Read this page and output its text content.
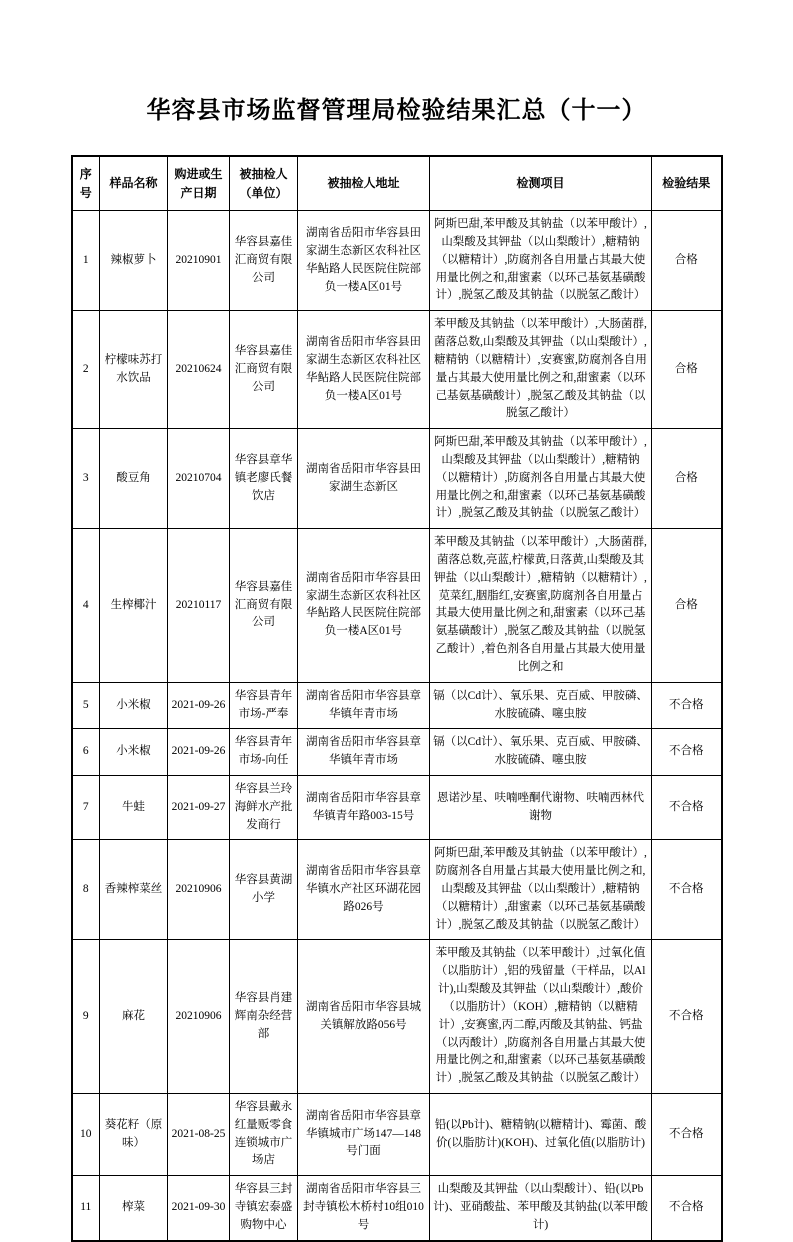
华容县市场监督管理局检验结果汇总（十一）
序号	样品名称	购进或生产日期	被抽检人（单位）	被抽检人地址	检测项目	检验结果
1	辣椒萝卜	20210901	华容县嘉佳汇商贸有限公司	湖南省岳阳市华容县田家湖生态新区农科社区华鲇路人民医院住院部负一楼A区01号	阿斯巴甜,苯甲酸及其钠盐（以苯甲酸计）,山梨酸及其钾盐（以山梨酸计）,糖精钠（以糖精计）,防腐剂各自用量占其最大使用量比例之和,甜蜜素（以环己基氨基磺酸计）,脱氢乙酸及其钠盐（以脱氢乙酸计）	合格
2	柠檬味苏打水饮品	20210624	华容县嘉佳汇商贸有限公司	湖南省岳阳市华容县田家湖生态新区农科社区华鲇路人民医院住院部负一楼A区01号	苯甲酸及其钠盐（以苯甲酸计）,大肠菌群,菌落总数,山梨酸及其钾盐（以山梨酸计）,糖精钠（以糖精计）,安赛蜜,防腐剂各自用量占其最大使用量比例之和,甜蜜素（以环己基氨基磺酸计）,脱氢乙酸及其钠盐（以脱氢乙酸计）	合格
3	酸豆角	20210704	华容县章华镇老廖氏餐饮店	湖南省岳阳市华容县田家湖生态新区	阿斯巴甜,苯甲酸及其钠盐（以苯甲酸计）,山梨酸及其钾盐（以山梨酸计）,糖精钠（以糖精计）,防腐剂各自用量占其最大使用量比例之和,甜蜜素（以环己基氨基磺酸计）,脱氢乙酸及其钠盐（以脱氢乙酸计）	合格
4	生榨椰汁	20210117	华容县嘉佳汇商贸有限公司	湖南省岳阳市华容县田家湖生态新区农科社区华鲇路人民医院住院部负一楼A区01号	苯甲酸及其钠盐（以苯甲酸计）,大肠菌群,菌落总数,亮蓝,柠檬黄,日落黄,山梨酸及其钾盐（以山梨酸计）,糖精钠（以糖精计）,苋菜红,胭脂红,安赛蜜,防腐剂各自用量占其最大使用量比例之和,甜蜜素（以环己基氨基磺酸计）,脱氢乙酸及其钠盐（以脱氢乙酸计）,着色剂各自用量占其最大使用量比例之和	合格
5	小米椒	2021-09-26	华容县青年市场-严奉	湖南省岳阳市华容县章华镇年青市场	镉（以Cd计）、氧乐果、克百威、甲胺磷、水胺硫磷、噻虫胺	不合格
6	小米椒	2021-09-26	华容县青年市场-向任	湖南省岳阳市华容县章华镇年青市场	镉（以Cd计）、氧乐果、克百威、甲胺磷、水胺硫磷、噻虫胺	不合格
7	牛蛙	2021-09-27	华容县兰玲海鲜水产批发商行	湖南省岳阳市华容县章华镇青年路003-15号	恩诺沙星、呋喃唑酮代谢物、呋喃西林代谢物	不合格
8	香辣榨菜丝	20210906	华容县黄湖小学	湖南省岳阳市华容县章华镇水产社区环湖花园路026号	阿斯巴甜,苯甲酸及其钠盐（以苯甲酸计）,防腐剂各自用量占其最大使用量比例之和,山梨酸及其钾盐（以山梨酸计）,糖精钠（以糖精计）,甜蜜素（以环己基氨基磺酸计）,脱氢乙酸及其钠盐（以脱氢乙酸计）	不合格
9	麻花	20210906	华容县肖建辉南杂经营部	湖南省岳阳市华容县城关镇解放路056号	苯甲酸及其钠盐（以苯甲酸计）,过氧化值（以脂肪计）,铝的残留量（干样品，以Al计),山梨酸及其钾盐（以山梨酸计）,酸价（以脂肪计）（KOH）,糖精钠（以糖精计）,安赛蜜,丙二醇,丙酸及其钠盐、钙盐（以丙酸计）,防腐剂各自用量占其最大使用量比例之和,甜蜜素（以环己基氨基磺酸计）,脱氢乙酸及其钠盐（以脱氢乙酸计）	不合格
10	葵花籽（原味）	2021-08-25	华容县戴永红量贩零食连锁城市广场店	湖南省岳阳市华容县章华镇城市广场147—148号门面	铅(以Pb计)、糖精钠(以糖精计)、霉菌、酸价(以脂肪计)(KOH)、过氧化值(以脂肪计)	不合格
11	榨菜	2021-09-30	华容县三封寺镇宏泰盛购物中心	湖南省岳阳市华容县三封寺镇松木桥村10组010号	山梨酸及其钾盐（以山梨酸计）、铅(以Pb计)、亚硝酸盐、苯甲酸及其钠盐(以苯甲酸计)	不合格
